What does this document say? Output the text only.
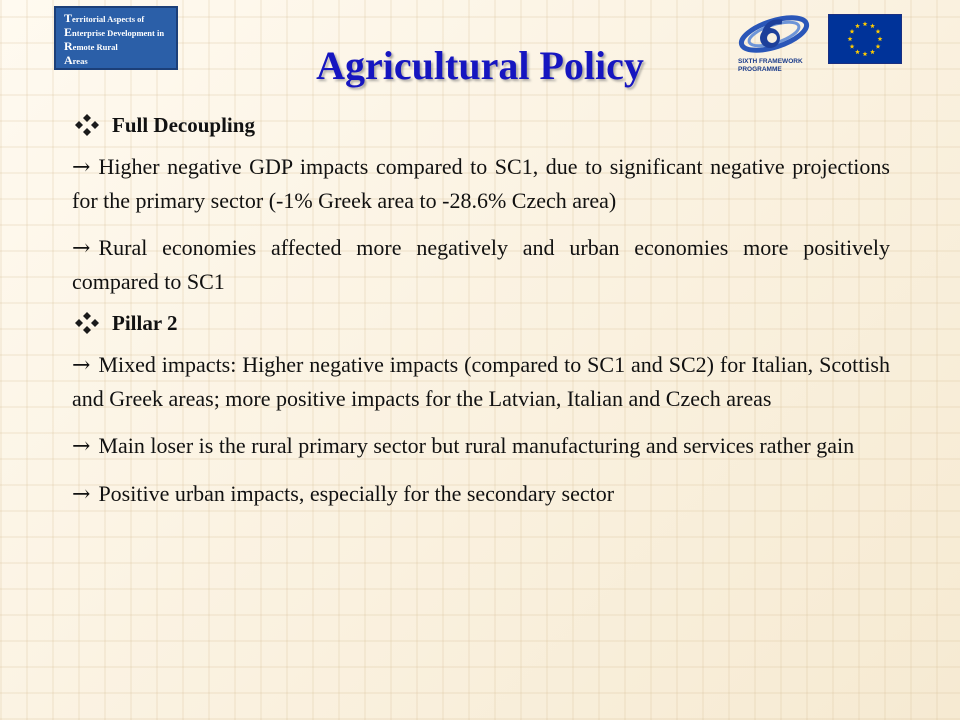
Territorial Aspects of
Enterprise Development in
Remote Rural
Areas	SIXTH FRAMEWORK
PROGRAMME
Agricultural Policy
Full Decoupling

→ Higher negative GDP impacts compared to SC1, due to significant negative projections for the primary sector (-1% Greek area to -28.6% Czech area)

→ Rural economies affected more negatively and urban economies more positively compared to SC1

Pillar 2

→ Mixed impacts: Higher negative impacts (compared to SC1 and SC2) for Italian, Scottish and Greek areas; more positive impacts for the Latvian, Italian and Czech areas

→ Main loser is the rural primary sector but rural manufacturing and services rather gain

→ Positive urban impacts, especially for the secondary sector
